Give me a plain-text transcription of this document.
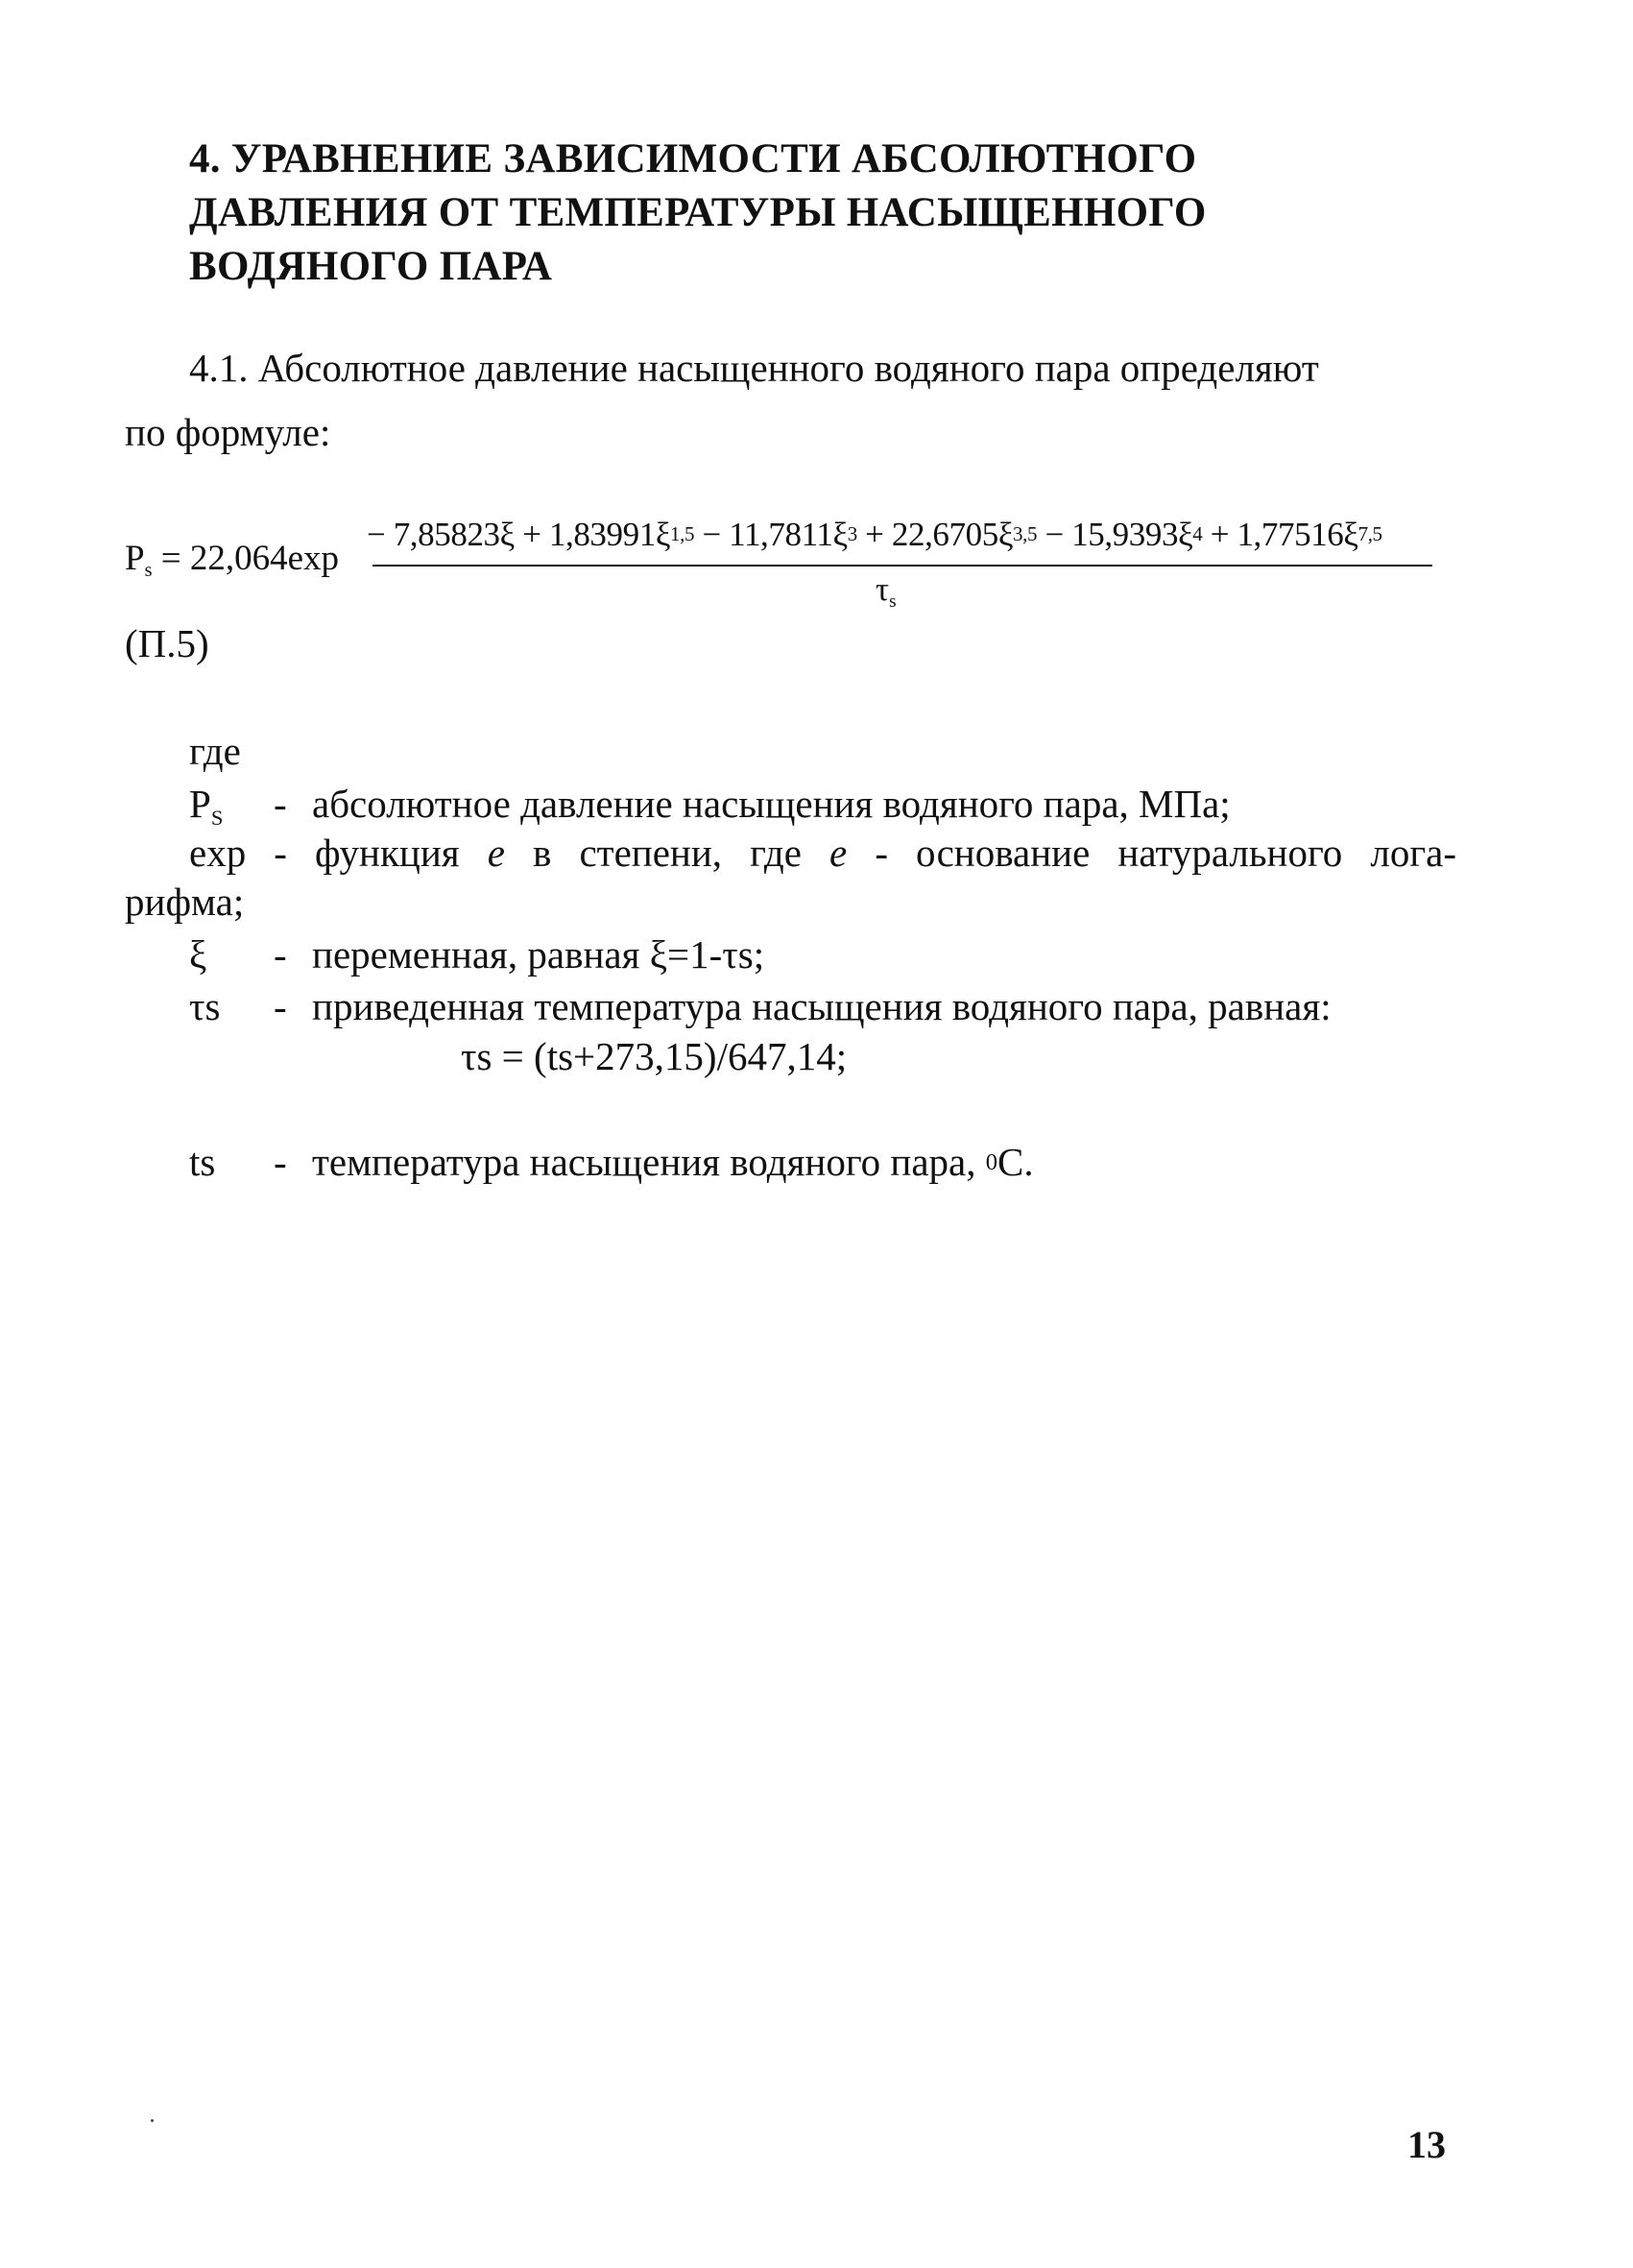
4. УРАВНЕНИЕ ЗАВИСИМОСТИ АБСОЛЮТНОГО
ДАВЛЕНИЯ ОТ ТЕМПЕРАТУРЫ НАСЫЩЕННОГО
ВОДЯНОГО ПАРА
4.1. Абсолютное давление насыщенного водяного пара определяют
по формуле:
$P_s = 22,064\exp$
− $7,85823\xi + 1,83991\xi^{1,5} - 11,7811\xi^3 + 22,6705\xi^{3,5} - 15,9393\xi^4 + 1,77516\xi^{7,5}$
$\tau_s$
(П.5)
где
$P_S$ - абсолютное давление насыщения водяного пара, МПа;
exp - функция e в степени, где e - основание натурального лога-
рифма;
ξ - переменная, равная ξ=1-τs;
τs - приведенная температура насыщения водяного пара, равная:
τs = (ts+273,15)/647,14;
ts - температура насыщения водяного пара, $^0$C.
13
